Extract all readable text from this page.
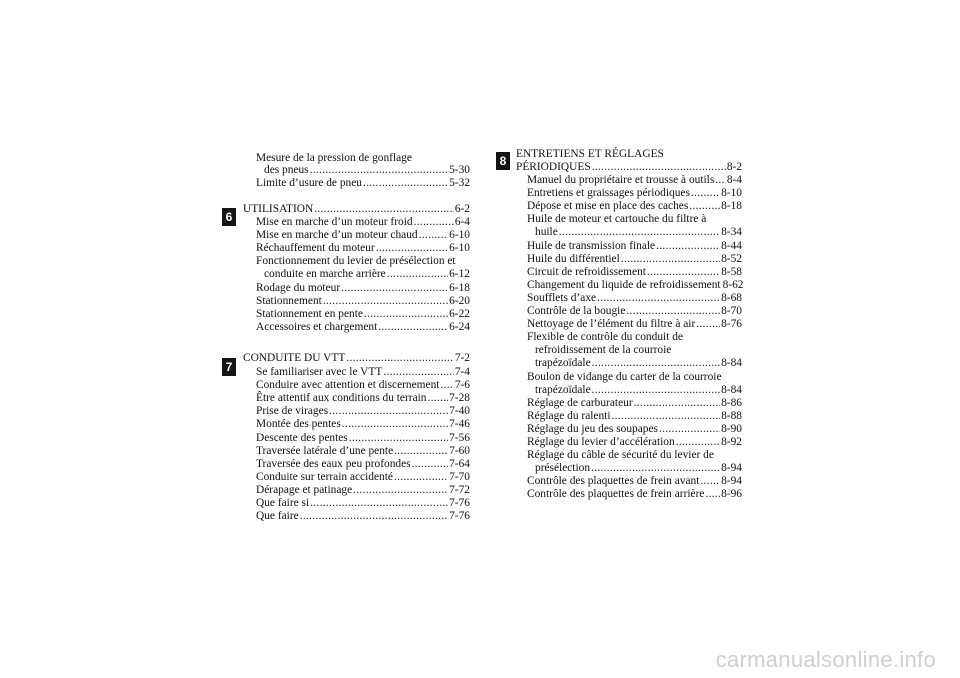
Mesure de la pression de gonflage
des pneus .....	5-30
Limite d’usure de pneu .....	5-32
6
UTILISATION .....	6-2
Mise en marche d’un moteur froid .....	6-4
Mise en marche d’un moteur chaud .....	6-10
Réchauffement du moteur .....	6-10
Fonctionnement du levier de présélection et
conduite en marche arrière .....	6-12
Rodage du moteur .....	6-18
Stationnement .....	6-20
Stationnement en pente .....	6-22
Accessoires et chargement .....	6-24
7
CONDUITE DU VTT .....	7-2
Se familiariser avec le VTT .....	7-4
Conduire avec attention et discernement ..... 7-6
Être attentif aux conditions du terrain ..... 7-28
Prise de virages .....	7-40
Montée des pentes .....	7-46
Descente des pentes .....	7-56
Traversée latérale d’une pente .....	7-60
Traversée des eaux peu profondes .....	7-64
Conduite sur terrain accidenté .....	7-70
Dérapage et patinage .....	7-72
Que faire si .....	7-76
Que faire .....	7-76
8 ENTRETIENS ET RÉGLAGES
PÉRIODIQUES .....	8-2
Manuel du propriétaire et trousse à outils ..... 8-4
Entretiens et graissages périodiques .....	8-10
Dépose et mise en place des caches .....	8-18
Huile de moteur et cartouche du filtre à
huile .....	8-34
Huile de transmission finale .....	8-44
Huile du différentiel .....	8-52
Circuit de refroidissement .....	8-58
Changement du liquide de refroidissement 8-62
Soufflets d’axe .....	8-68
Contrôle de la bougie .....	8-70
Nettoyage de l’élément du filtre à air ..... 8-76
Flexible de contrôle du conduit de
refroidissement de la courroie
trapézoïdale .....	8-84
Boulon de vidange du carter de la courroie
trapézoïdale .....	8-84
Réglage de carburateur .....	8-86
Réglage du ralenti .....	8-88
Réglage du jeu des soupapes .....	8-90
Réglage du levier d’accélération .....	8-92
Réglage du câble de sécurité du levier de
présélection .....	8-94
Contrôle des plaquettes de frein avant ..... 8-94
Contrôle des plaquettes de frein arrière ..... 8-96
carmanualsonline.info
